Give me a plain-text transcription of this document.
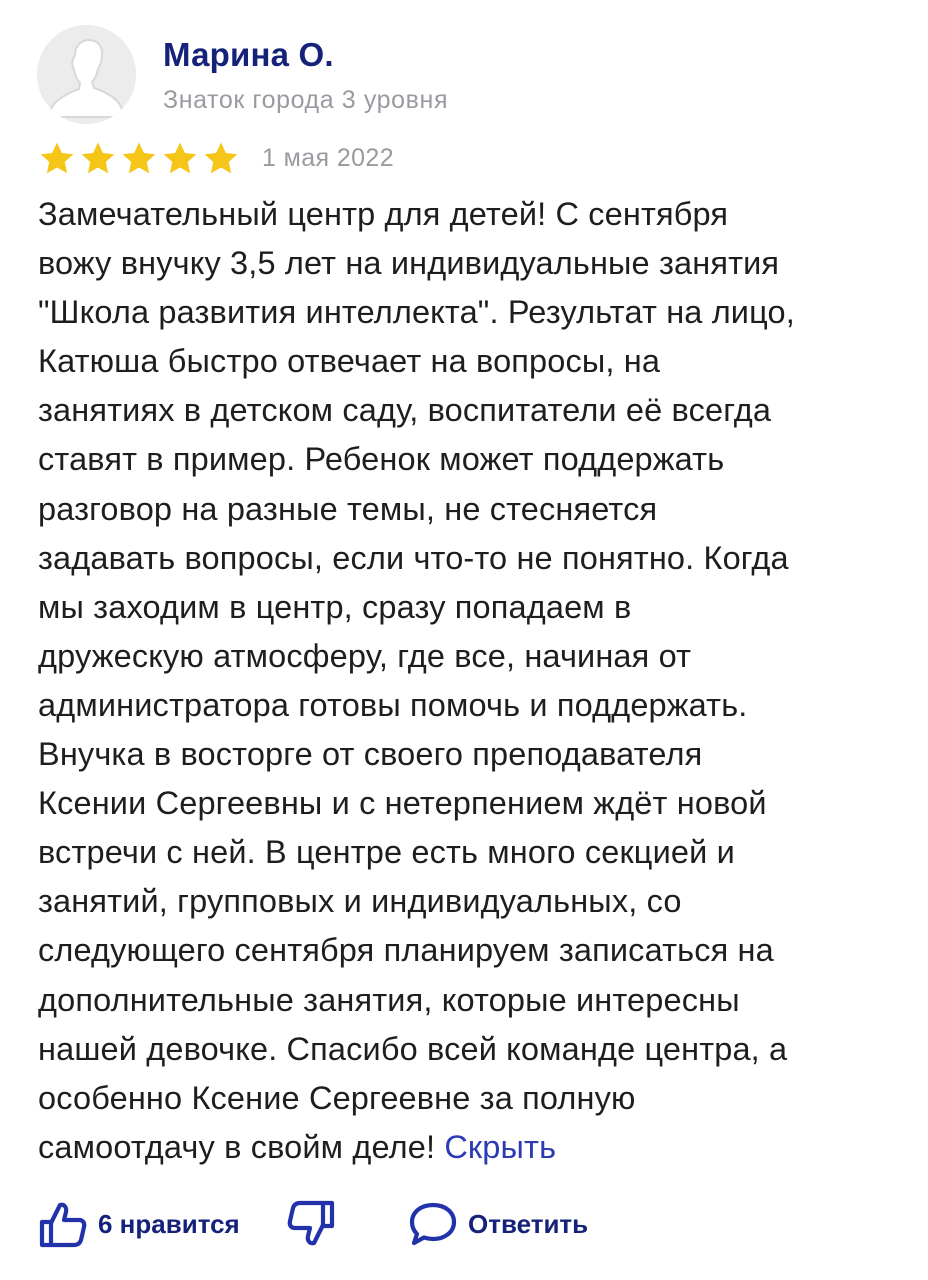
Марина О.
Знаток города 3 уровня
1 мая 2022

Замечательный центр для детей! С сентября
вожу внучку 3,5 лет на индивидуальные занятия
"Школа развития интеллекта". Результат на лицо,
Катюша быстро отвечает на вопросы, на
занятиях в детском саду, воспитатели её всегда
ставят в пример. Ребенок может поддержать
разговор на разные темы, не стесняется
задавать вопросы, если что-то не понятно. Когда
мы заходим в центр, сразу попадаем в
дружескую атмосферу, где все, начиная от
администратора готовы помочь и поддержать.
Внучка в восторге от своего преподавателя
Ксении Сергеевны и с нетерпением ждёт новой
встречи с ней. В центре есть много секцией и
занятий, групповых и индивидуальных, со
следующего сентября планируем записаться на
дополнительные занятия, которые интересны
нашей девочке. Спасибо всей команде центра, а
особенно Ксение Сергеевне за полную
самоотдачу в свойм деле! Скрыть

6 нравится	Ответить
